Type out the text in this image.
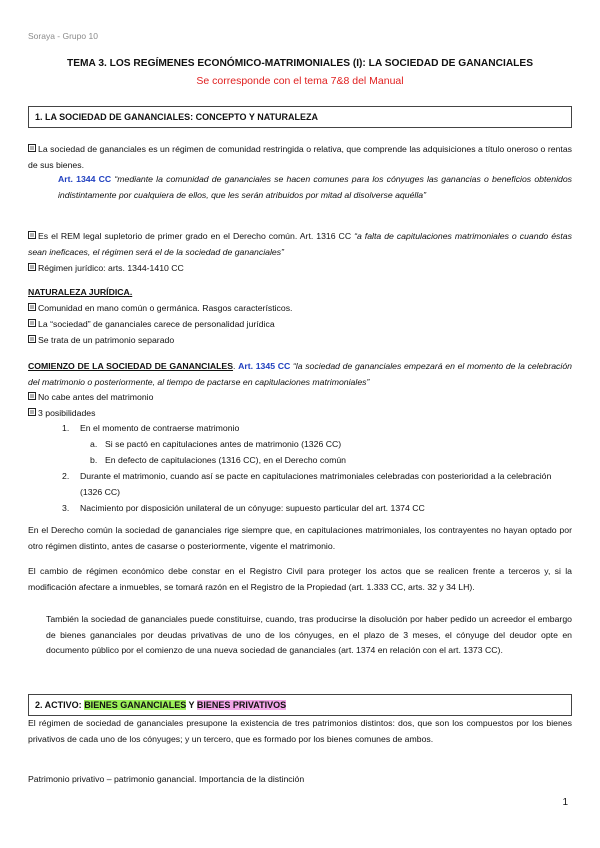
Soraya - Grupo 10
TEMA 3. LOS REGÍMENES ECONÓMICO-MATRIMONIALES (I): LA SOCIEDAD DE GANANCIALES
Se corresponde con el tema 7&8 del Manual
1. LA SOCIEDAD DE GANANCIALES: CONCEPTO Y NATURALEZA
La sociedad de gananciales es un régimen de comunidad restringida o relativa, que comprende las adquisiciones a título oneroso o rentas de sus bienes.
Art. 1344 CC “mediante la comunidad de gananciales se hacen comunes para los cónyuges las ganancias o beneficios obtenidos indistintamente por cualquiera de ellos, que les serán atribuidos por mitad al disolverse aquélla”
Es el REM legal supletorio de primer grado en el Derecho común. Art. 1316 CC “a falta de capitulaciones matrimoniales o cuando éstas sean ineficaces, el régimen será el de la sociedad de gananciales”
Régimen jurídico: arts. 1344-1410 CC
NATURALEZA JURÍDICA.
Comunidad en mano común o germánica. Rasgos característicos.
La “sociedad” de gananciales carece de personalidad jurídica
Se trata de un patrimonio separado
COMIENZO DE LA SOCIEDAD DE GANANCIALES. Art. 1345 CC “la sociedad de gananciales empezará en el momento de la celebración del matrimonio o posteriormente, al tiempo de pactarse en capitulaciones matrimoniales”
No cabe antes del matrimonio
3 posibilidades
1. En el momento de contraerse matrimonio
a. Si se pactó en capitulaciones antes de matrimonio (1326 CC)
b. En defecto de capitulaciones (1316 CC), en el Derecho común
2. Durante el matrimonio, cuando así se pacte en capitulaciones matrimoniales celebradas con posterioridad a la celebración (1326 CC)
3. Nacimiento por disposición unilateral de un cónyuge: supuesto particular del art. 1374 CC
En el Derecho común la sociedad de gananciales rige siempre que, en capitulaciones matrimoniales, los contrayentes no hayan optado por otro régimen distinto, antes de casarse o posteriormente, vigente el matrimonio.
El cambio de régimen económico debe constar en el Registro Civil para proteger los actos que se realicen frente a terceros y, si la modificación afectare a inmuebles, se tomará razón en el Registro de la Propiedad (art. 1.333 CC, arts. 32 y 34 LH).
También la sociedad de gananciales puede constituirse, cuando, tras producirse la disolución por haber pedido un acreedor el embargo de bienes gananciales por deudas privativas de uno de los cónyuges, en el plazo de 3 meses, el cónyuge del deudor opte en documento público por el comienzo de una nueva sociedad de gananciales (art. 1374 en relación con el art. 1373 CC).
2. ACTIVO: BIENES GANANCIALES Y BIENES PRIVATIVOS
El régimen de sociedad de gananciales presupone la existencia de tres patrimonios distintos: dos, que son los compuestos por los bienes privativos de cada uno de los cónyuges; y un tercero, que es formado por los bienes comunes de ambos.
Patrimonio privativo – patrimonio ganancial. Importancia de la distinción
1
